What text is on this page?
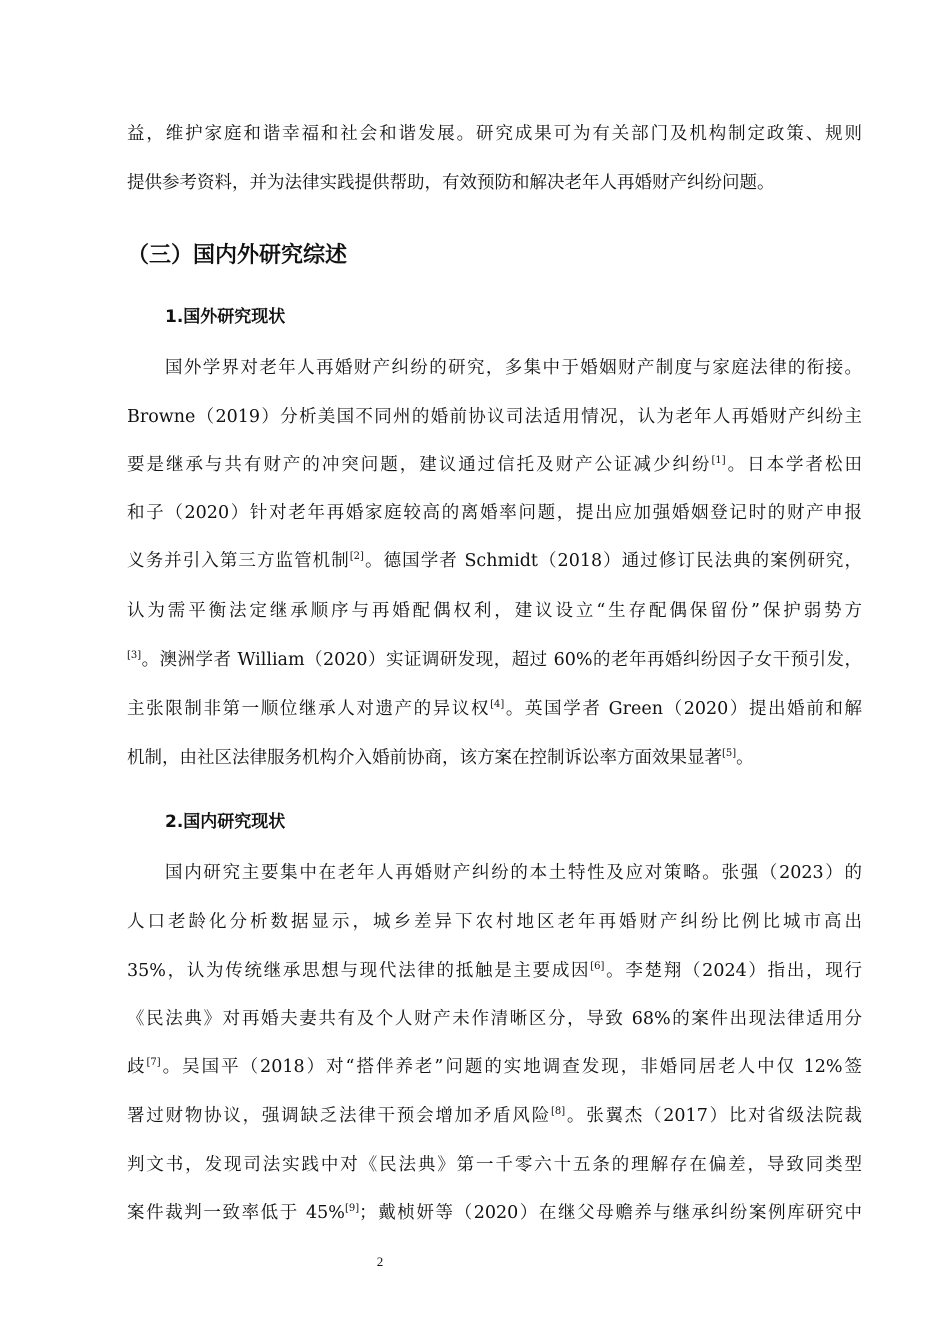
益，维护家庭和谐幸福和社会和谐发展。研究成果可为有关部门及机构制定政策、规则
提供参考资料，并为法律实践提供帮助，有效预防和解决老年人再婚财产纠纷问题。
（三）国内外研究综述
1.国外研究现状
国外学界对老年人再婚财产纠纷的研究，多集中于婚姻财产制度与家庭法律的衔接。
Browne（2019）分析美国不同州的婚前协议司法适用情况，认为老年人再婚财产纠纷主
要是继承与共有财产的冲突问题，建议通过信托及财产公证减少纠纷[1]。日本学者松田
和子（2020）针对老年再婚家庭较高的离婚率问题，提出应加强婚姻登记时的财产申报
义务并引入第三方监管机制[2]。德国学者 Schmidt（2018）通过修订民法典的案例研究，
认为需平衡法定继承顺序与再婚配偶权利，建议设立“生存配偶保留份”保护弱势方
[3]。澳洲学者 William（2020）实证调研发现，超过 60%的老年再婚纠纷因子女干预引发，
主张限制非第一顺位继承人对遗产的异议权[4]。英国学者 Green（2020）提出婚前和解
机制，由社区法律服务机构介入婚前协商，该方案在控制诉讼率方面效果显著[5]。
2.国内研究现状
国内研究主要集中在老年人再婚财产纠纷的本土特性及应对策略。张强（2023）的
人口老龄化分析数据显示，城乡差异下农村地区老年再婚财产纠纷比例比城市高出
35%，认为传统继承思想与现代法律的抵触是主要成因[6]。李楚翔（2024）指出，现行
《民法典》对再婚夫妻共有及个人财产未作清晰区分，导致 68%的案件出现法律适用分
歧[7]。吴国平（2018）对“搭伴养老”问题的实地调查发现，非婚同居老人中仅 12%签
署过财物协议，强调缺乏法律干预会增加矛盾风险[8]。张翼杰（2017）比对省级法院裁
判文书，发现司法实践中对《民法典》第一千零六十五条的理解存在偏差，导致同类型
案件裁判一致率低于 45%[9]；戴桢妍等（2020）在继父母赡养与继承纠纷案例库研究中
2
